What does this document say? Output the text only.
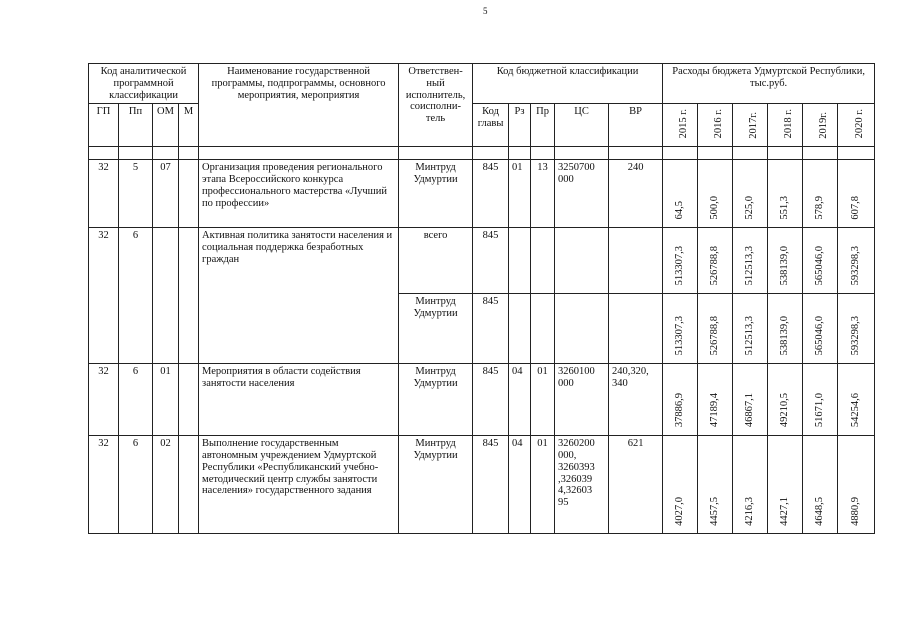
5
Код аналитической программной классификации				Наименование государственной программы, подпрограммы, основного мероприятия, мероприятия	Ответствен-ный исполнитель, соисполни-тель	Код бюджетной классификации					Расходы бюджета Удмуртской Республики, тыс.руб.					
ГП	Пп	ОМ	М			Код главы	Рз	Пр	ЦС	ВР	2015 г.	2016 г.	2017г.	2018 г.	2019г.	2020 г.

32	5	07		Организация проведения регионального этапа Всероссийского конкурса профессионального мастерства «Лучший по профессии»	Минтруд Удмуртии	845	01	13	3250700 000	240	64,5	500,0	525,0	551,3	578,9	607,8
32	6			Активная политика занятости населения и социальная поддержка безработных граждан	всего	845					513307,3	526788,8	512513,3	538139,0	565046,0	593298,3
					Минтруд Удмуртии	845					513307,3	526788,8	512513,3	538139,0	565046,0	593298,3
32	6	01		Мероприятия в области содействия занятости населения	Минтруд Удмуртии	845	04	01	3260100 000	240,320, 340	37886,9	47189,4	46867,1	49210,5	51671,0	54254,6
32	6	02		Выполнение государственным автономным учреждением Удмуртской Республики «Республиканский учебно-методический центр службы занятости населения» государственного задания	Минтруд Удмуртии	845	04	01	3260200 000, 3260393 ,326039 4,32603 95	621	4027,0	4457,5	4216,3	4427,1	4648,5	4880,9
